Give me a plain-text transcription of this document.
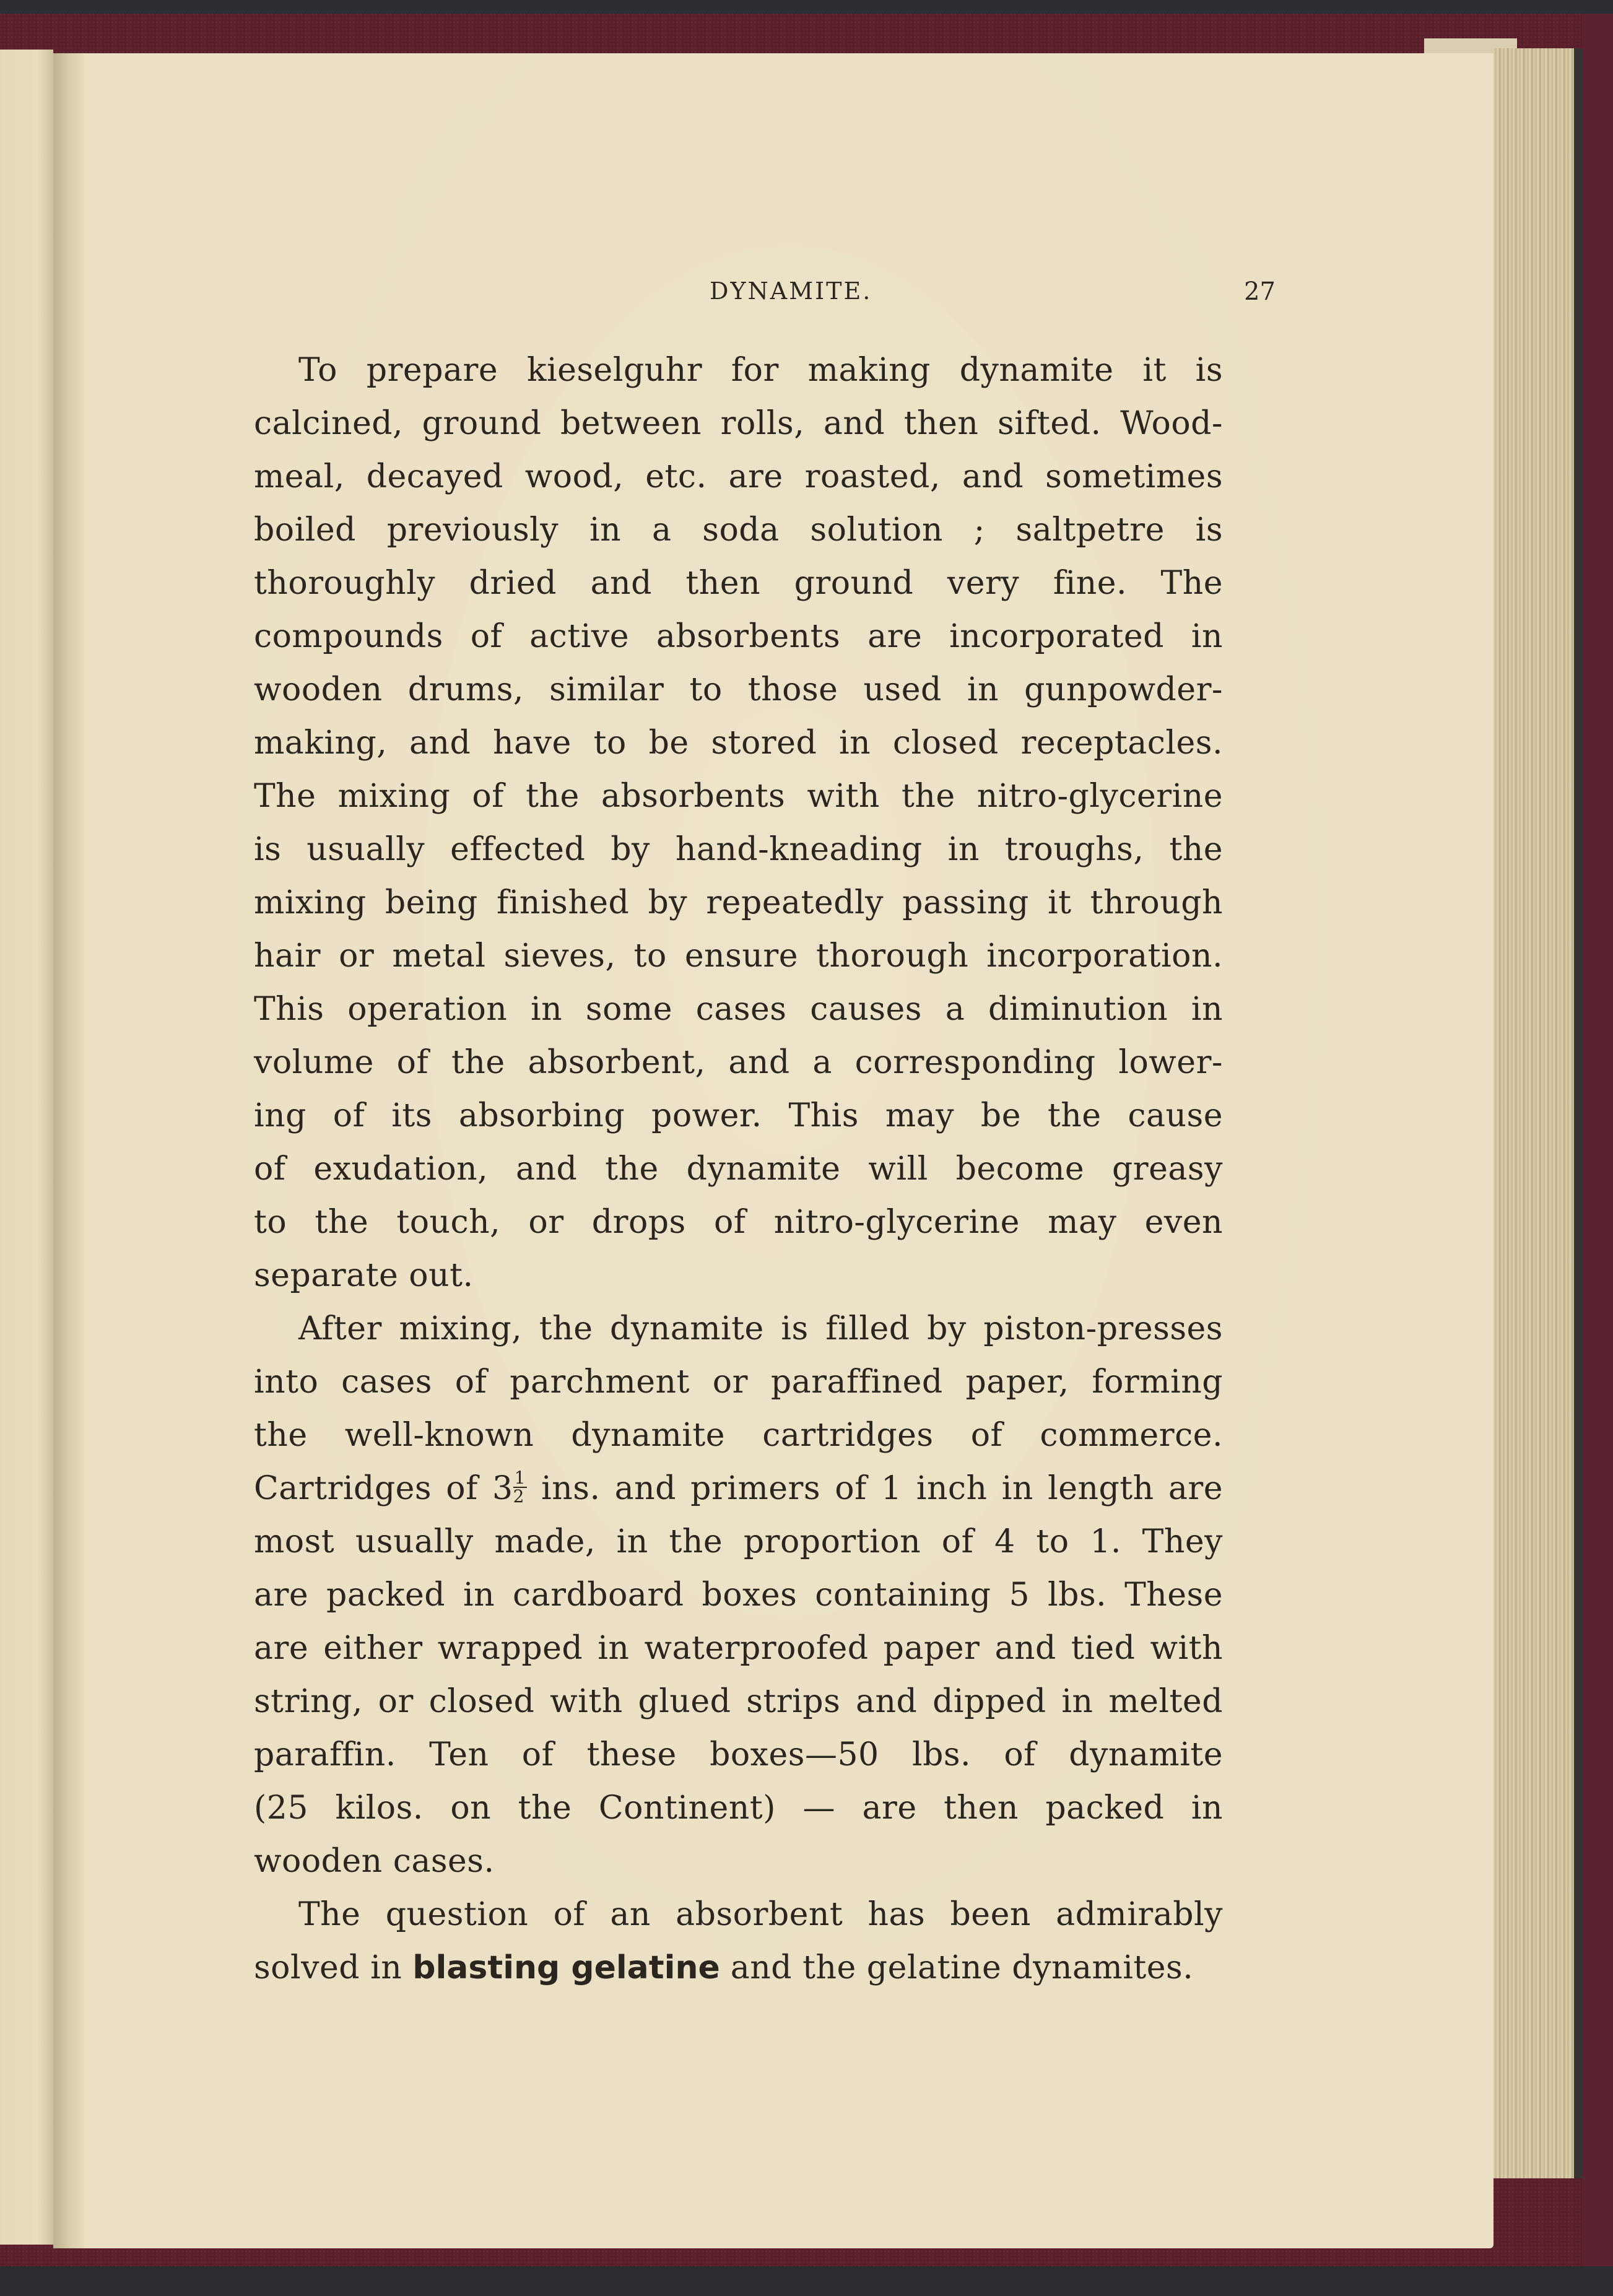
DYNAMITE.	27
To prepare kieselguhr for making dynamite it is
calcined, ground between rolls, and then sifted. Wood-
meal, decayed wood, etc. are roasted, and sometimes
boiled previously in a soda solution ; saltpetre is
thoroughly dried and then ground very fine. The
compounds of active absorbents are incorporated in
wooden drums, similar to those used in gunpowder-
making, and have to be stored in closed receptacles.
The mixing of the absorbents with the nitro-glycerine
is usually effected by hand-kneading in troughs, the
mixing being finished by repeatedly passing it through
hair or metal sieves, to ensure thorough incorporation.
This operation in some cases causes a diminution in
volume of the absorbent, and a corresponding lower-
ing of its absorbing power. This may be the cause
of exudation, and the dynamite will become greasy
to the touch, or drops of nitro-glycerine may even
separate out.
After mixing, the dynamite is filled by piston-presses
into cases of parchment or paraffined paper, forming
the well-known dynamite cartridges of commerce.
Cartridges of $3 \frac{1}{2}$ ins. and primers of 1 inch in length are
most usually made, in the proportion of 4 to 1. They
are packed in cardboard boxes containing 5 lbs. These
are either wrapped in waterproofed paper and tied with
string, or closed with glued strips and dipped in melted
paraffin. Ten of these boxes—50 lbs. of dynamite
(25 kilos. on the Continent) — are then packed in
wooden cases.
The question of an absorbent has been admirably
solved in blasting gelatine and the gelatine dynamites.
